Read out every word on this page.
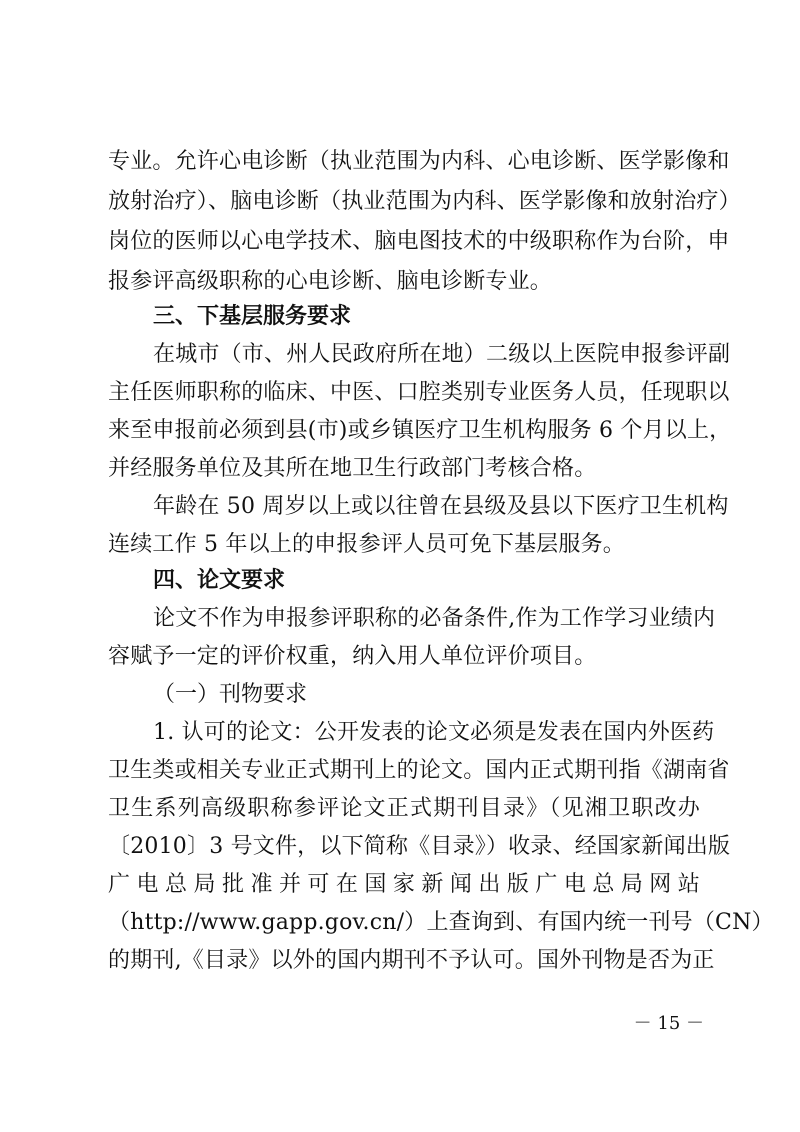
专业。允许心电诊断（执业范围为内科、心电诊断、医学影像和
放射治疗）、脑电诊断（执业范围为内科、医学影像和放射治疗）
岗位的医师以心电学技术、脑电图技术的中级职称作为台阶，申
报参评高级职称的心电诊断、脑电诊断专业。
三、下基层服务要求
在城市（市、州人民政府所在地）二级以上医院申报参评副
主任医师职称的临床、中医、口腔类别专业医务人员，任现职以
来至申报前必须到县(市)或乡镇医疗卫生机构服务 6 个月以上，
并经服务单位及其所在地卫生行政部门考核合格。
年龄在 50 周岁以上或以往曾在县级及县以下医疗卫生机构
连续工作 5 年以上的申报参评人员可免下基层服务。
四、论文要求
论文不作为申报参评职称的必备条件,作为工作学习业绩内
容赋予一定的评价权重，纳入用人单位评价项目。
（一）刊物要求
1. 认可的论文：公开发表的论文必须是发表在国内外医药
卫生类或相关专业正式期刊上的论文。国内正式期刊指《湖南省
卫生系列高级职称参评论文正式期刊目录》（见湘卫职改办
〔2010〕3 号文件，以下简称《目录》）收录、经国家新闻出版
广电总局批准并可在国家新闻出版广电总局网站
（http://www.gapp.gov.cn/）上查询到、有国内统一刊号（CN）
的期刊,《目录》以外的国内期刊不予认可。国外刊物是否为正
－ 15 －
